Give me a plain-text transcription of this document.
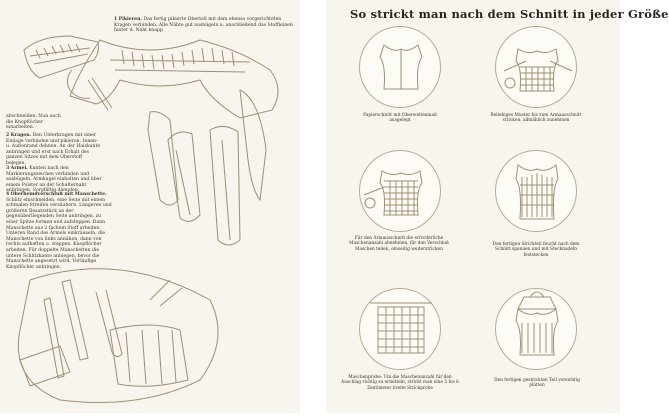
1 Pikieren. Das fertig pikierte Oberteil mit dem ebenso vorgerichteten Kragen verbinden. Alle Nähte gut ausbügeln u. anschließend das Stoffleinen hinter d. Naht knapp
abschneiden. Nun auch die Knopflöcher einarbeiten.
2 Kragen. Den Unterkragen mit einer Einlage verbinden und pikieren, Innen- u. Außenrand dehnen. An der Halskante anbringen und erst nach Erhalt des ganzen Sitzes mit dem Oberstoff belegen.
3 Ärmel. Kanten nach den Markierungszeichen verbinden und ausbügeln. Armkugel einhalten und über einem Polster an der Schulternaht anbringen. Sorgfältig dämpfen.
4 Oberhemdverschluß mit Manschette. Schlitz einschneiden, eine Seite mit einem schmalen Streifen versäubern. Längeren und größeren Besatzstück an der gegenüberliegenden Seite anbringen, zu einer Spitze formen und aufsteppen. Dann Manschette aus 2 fachem Stoff arbeiten. Unteren Rand des Ärmels einkräuseln, die Manschette von links annähen, dann von rechts aufheften u. steppen. Knopflöcher arbeiten. Für doppelte Manschetten die untere Schlitzkante anbiegen, bevor die Manschette angesetzt wird. Vorläufige Knopflöcher anbringen.
So strickt man nach dem Schnitt in jeder Größe
Papierschnitt mit Oberweitenmaß ausgelegt
Beliebiges Muster bis zum Armausschnitt stricken, allmählich zunehmen
Für den Armausschnitt die erforderliche Maschenanzahl abnehmen, für den Verschluß Maschen teilen, einseitig weiterstricken
Den fertigen Strickteil feucht nach dem Schnitt spannen und mit Stecknadeln feststecken
Maschenprobe: Um die Maschenanzahl für den Anschlag richtig zu ermitteln, strickt man eine 5 bis 6 Zentimeter breite Strickprobe
Den fertigen gestrickten Teil vorsichtig plätten
